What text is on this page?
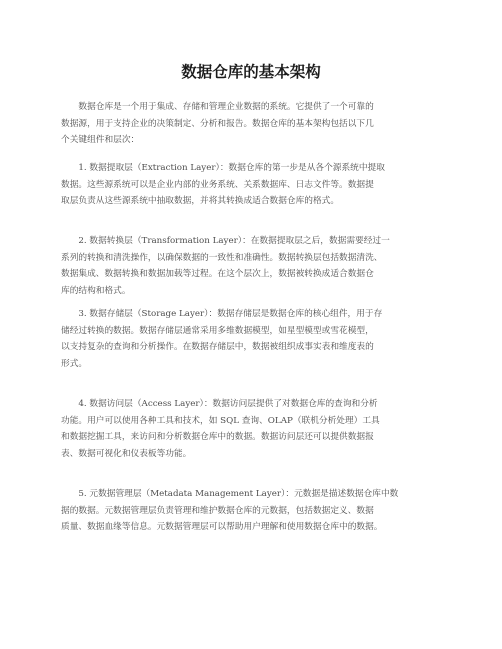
数据仓库的基本架构
　　数据仓库是一个用于集成、存储和管理企业数据的系统。它提供了一个可靠的
数据源，用于支持企业的决策制定、分析和报告。数据仓库的基本架构包括以下几
个关键组件和层次：
　　1. 数据提取层（Extraction Layer）：数据仓库的第一步是从各个源系统中提取
数据。这些源系统可以是企业内部的业务系统、关系数据库、日志文件等。数据提
取层负责从这些源系统中抽取数据，并将其转换成适合数据仓库的格式。
　　2. 数据转换层（Transformation Layer）：在数据提取层之后，数据需要经过一
系列的转换和清洗操作，以确保数据的一致性和准确性。数据转换层包括数据清洗、
数据集成、数据转换和数据加载等过程。在这个层次上，数据被转换成适合数据仓
库的结构和格式。
　　3. 数据存储层（Storage Layer）：数据存储层是数据仓库的核心组件，用于存
储经过转换的数据。数据存储层通常采用多维数据模型，如星型模型或雪花模型，
以支持复杂的查询和分析操作。在数据存储层中，数据被组织成事实表和维度表的
形式。
　　4. 数据访问层（Access Layer）：数据访问层提供了对数据仓库的查询和分析
功能。用户可以使用各种工具和技术，如 SQL 查询、OLAP（联机分析处理）工具
和数据挖掘工具，来访问和分析数据仓库中的数据。数据访问层还可以提供数据报
表、数据可视化和仪表板等功能。
　　5. 元数据管理层（Metadata Management Layer）：元数据是描述数据仓库中数
据的数据。元数据管理层负责管理和维护数据仓库的元数据，包括数据定义、数据
质量、数据血缘等信息。元数据管理层可以帮助用户理解和使用数据仓库中的数据。
